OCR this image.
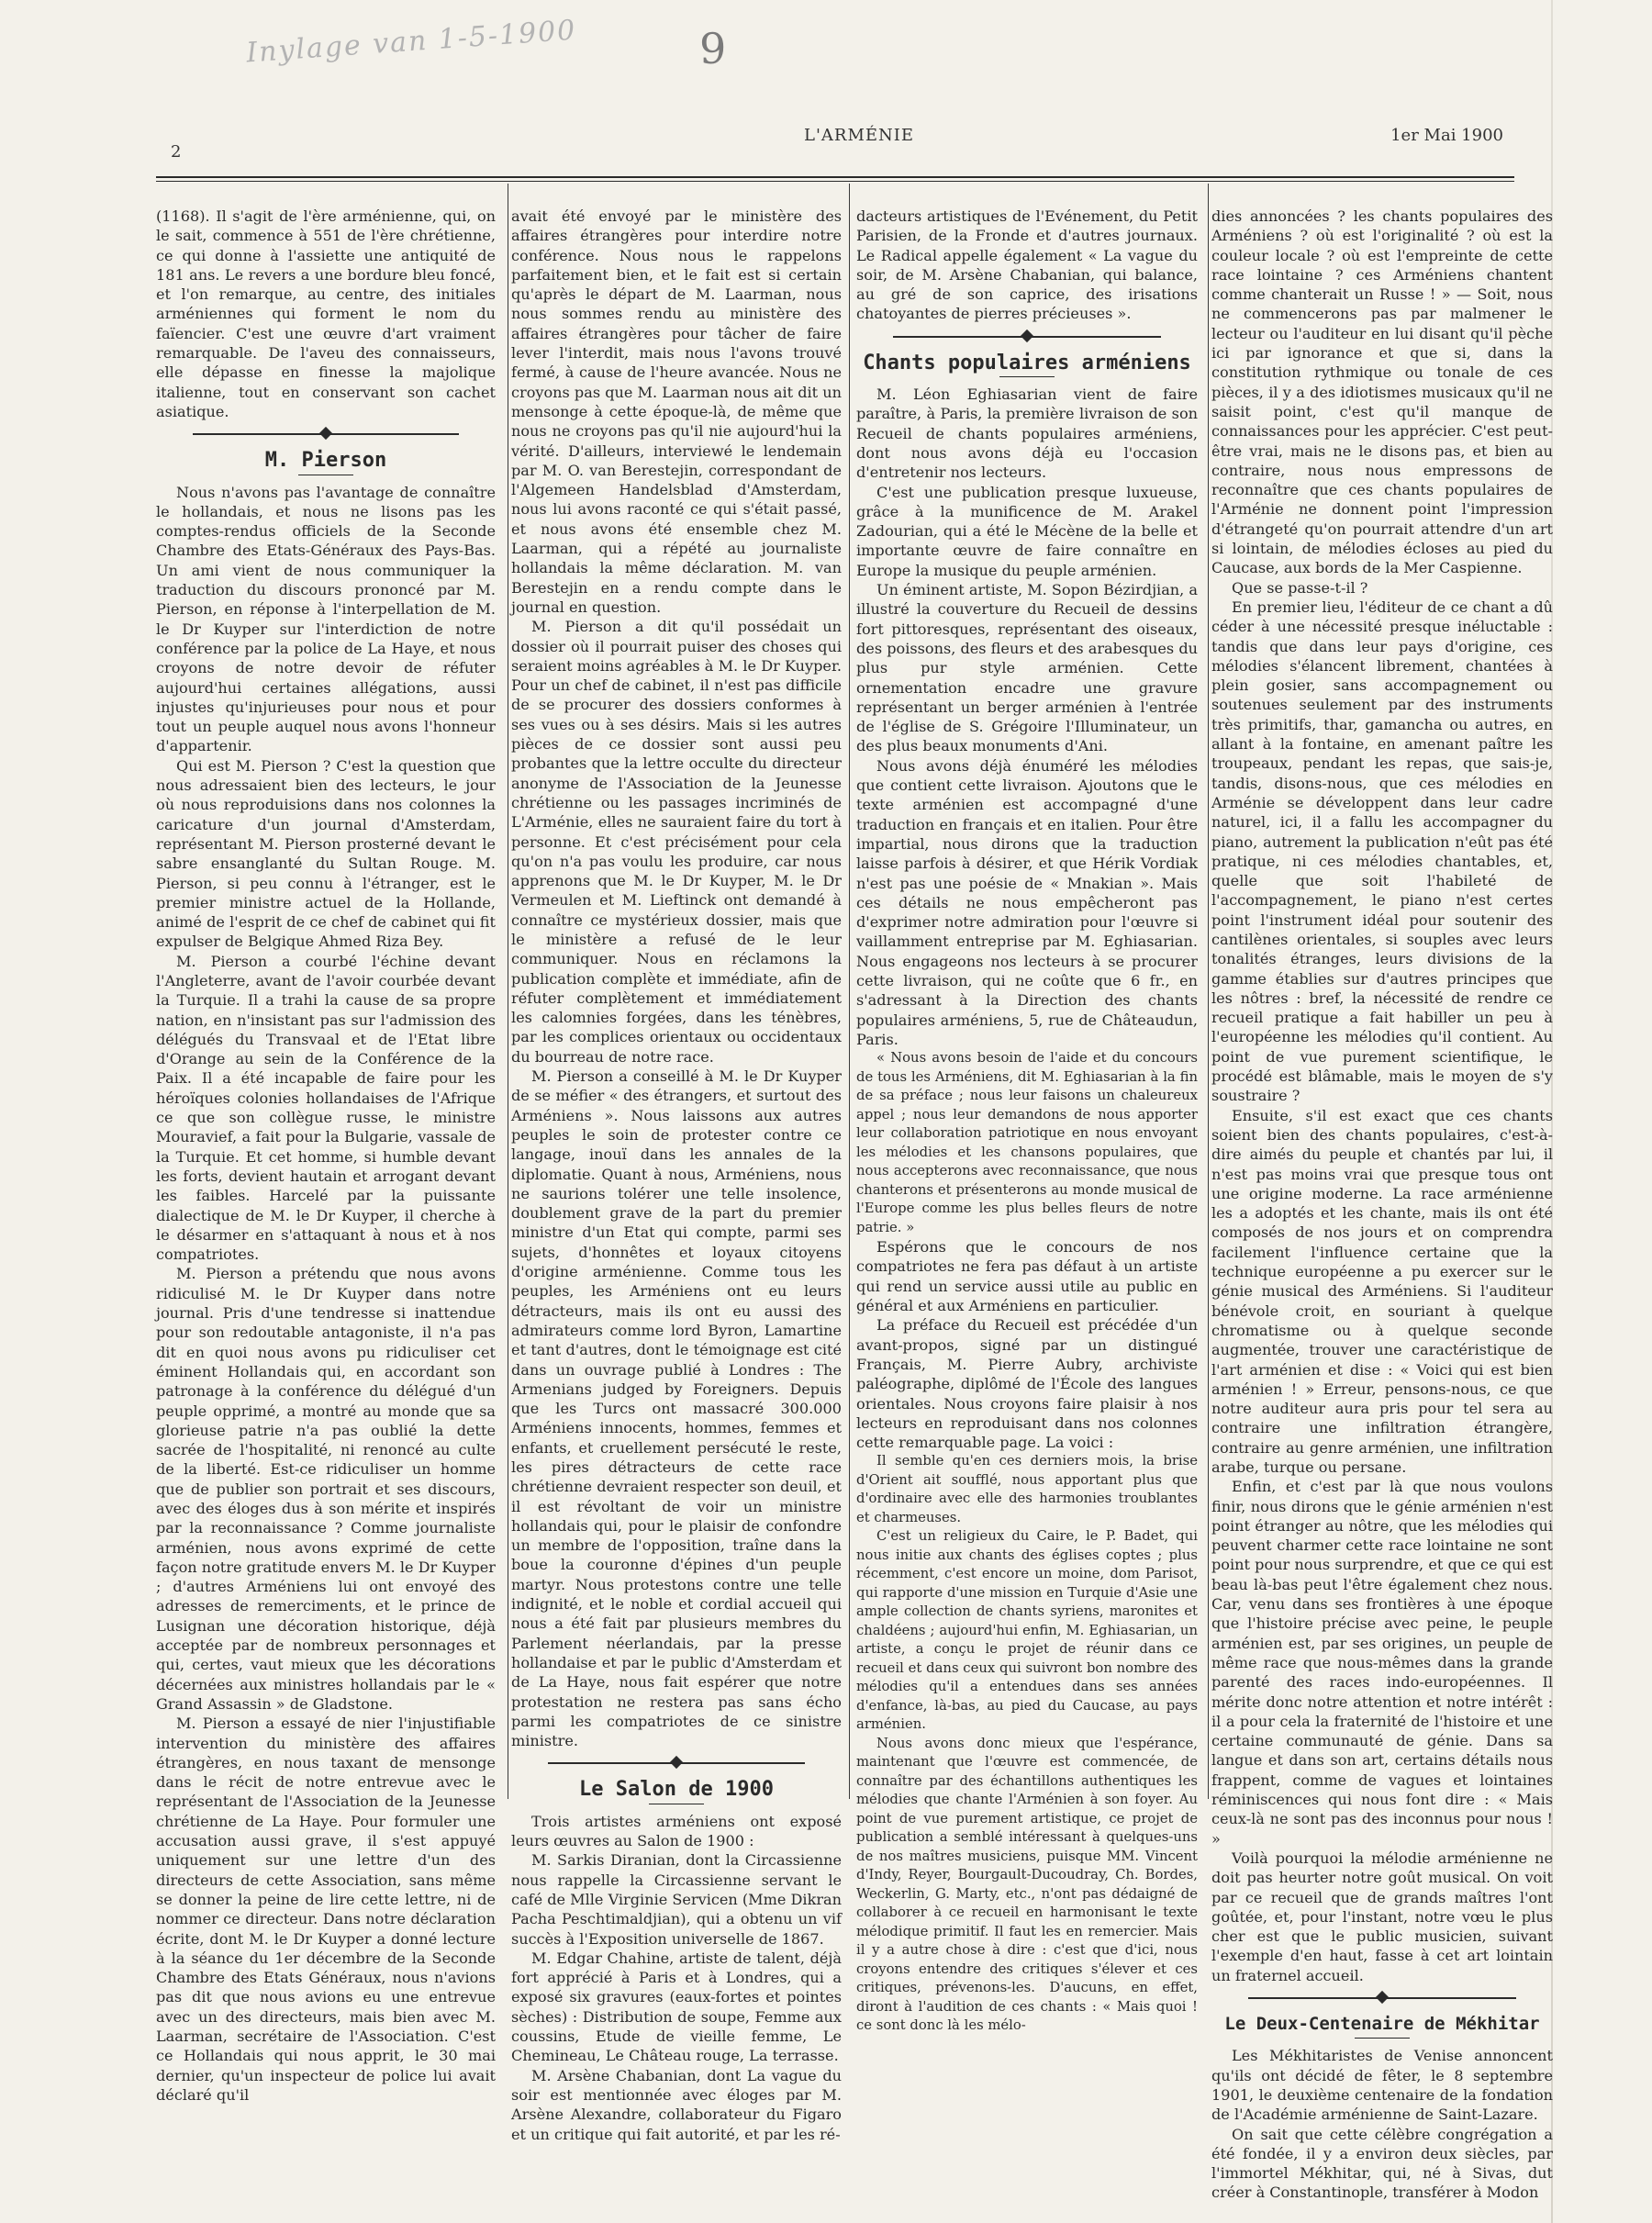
Inylage van 1-5-1900	9
2
L'ARMÉNIE	1er Mai 1900

(1168). Il s'agit de l'ère arménienne, qui, on le sait, commence à 551 de l'ère chrétienne, ce qui donne à l'assiette une antiquité de 181 ans. Le revers a une bordure bleu foncé, et l'on remarque, au centre, des initiales arméniennes qui forment le nom du faïencier. C'est une œuvre d'art vraiment remarquable. De l'aveu des connaisseurs, elle dépasse en finesse la majolique italienne, tout en conservant son cachet asiatique.

M. Pierson

Nous n'avons pas l'avantage de connaître le hollandais, et nous ne lisons pas les comptes-rendus officiels de la Seconde Chambre des Etats-Généraux des Pays-Bas. Un ami vient de nous communiquer la traduction du discours prononcé par M. Pierson, en réponse à l'interpellation de M. le Dr Kuyper sur l'interdiction de notre conférence par la police de La Haye, et nous croyons de notre devoir de réfuter aujourd'hui certaines allégations, aussi injustes qu'injurieuses pour nous et pour tout un peuple auquel nous avons l'honneur d'appartenir.

Qui est M. Pierson ? C'est la question que nous adressaient bien des lecteurs, le jour où nous reproduisions dans nos colonnes la caricature d'un journal d'Amsterdam, représentant M. Pierson prosterné devant le sabre ensanglanté du Sultan Rouge. M. Pierson, si peu connu à l'étranger, est le premier ministre actuel de la Hollande, animé de l'esprit de ce chef de cabinet qui fit expulser de Belgique Ahmed Riza Bey.

M. Pierson a courbé l'échine devant l'Angleterre, avant de l'avoir courbée devant la Turquie. Il a trahi la cause de sa propre nation, en n'insistant pas sur l'admission des délégués du Transvaal et de l'Etat libre d'Orange au sein de la Conférence de la Paix. Il a été incapable de faire pour les héroïques colonies hollandaises de l'Afrique ce que son collègue russe, le ministre Mouravief, a fait pour la Bulgarie, vassale de la Turquie. Et cet homme, si humble devant les forts, devient hautain et arrogant devant les faibles. Harcelé par la puissante dialectique de M. le Dr Kuyper, il cherche à le désarmer en s'attaquant à nous et à nos compatriotes.

M. Pierson a prétendu que nous avons ridiculisé M. le Dr Kuyper dans notre journal. Pris d'une tendresse si inattendue pour son redoutable antagoniste, il n'a pas dit en quoi nous avons pu ridiculiser cet éminent Hollandais qui, en accordant son patronage à la conférence du délégué d'un peuple opprimé, a montré au monde que sa glorieuse patrie n'a pas oublié la dette sacrée de l'hospitalité, ni renoncé au culte de la liberté. Est-ce ridiculiser un homme que de publier son portrait et ses discours, avec des éloges dus à son mérite et inspirés par la reconnaissance ? Comme journaliste arménien, nous avons exprimé de cette façon notre gratitude envers M. le Dr Kuyper ; d'autres Arméniens lui ont envoyé des adresses de remerciments, et le prince de Lusignan une décoration historique, déjà acceptée par de nombreux personnages et qui, certes, vaut mieux que les décorations décernées aux ministres hollandais par le « Grand Assassin » de Gladstone.

M. Pierson a essayé de nier l'injustifiable intervention du ministère des affaires étrangères, en nous taxant de mensonge dans le récit de notre entrevue avec le représentant de l'Association de la Jeunesse chrétienne de La Haye. Pour formuler une accusation aussi grave, il s'est appuyé uniquement sur une lettre d'un des directeurs de cette Association, sans même se donner la peine de lire cette lettre, ni de nommer ce directeur. Dans notre déclaration écrite, dont M. le Dr Kuyper a donné lecture à la séance du 1er décembre de la Seconde Chambre des Etats Généraux, nous n'avions pas dit que nous avions eu une entrevue avec un des directeurs, mais bien avec M. Laarman, secrétaire de l'Association. C'est ce Hollandais qui nous apprit, le 30 mai dernier, qu'un inspecteur de police lui avait déclaré qu'il

avait été envoyé par le ministère des affaires étrangères pour interdire notre conférence. Nous nous le rappelons parfaitement bien, et le fait est si certain qu'après le départ de M. Laarman, nous nous sommes rendu au ministère des affaires étrangères pour tâcher de faire lever l'interdit, mais nous l'avons trouvé fermé, à cause de l'heure avancée. Nous ne croyons pas que M. Laarman nous ait dit un mensonge à cette époque-là, de même que nous ne croyons pas qu'il nie aujourd'hui la vérité. D'ailleurs, interviewé le lendemain par M. O. van Berestejin, correspondant de l'Algemeen Handelsblad d'Amsterdam, nous lui avons raconté ce qui s'était passé, et nous avons été ensemble chez M. Laarman, qui a répété au journaliste hollandais la même déclaration. M. van Berestejin en a rendu compte dans le journal en question.

M. Pierson a dit qu'il possédait un dossier où il pourrait puiser des choses qui seraient moins agréables à M. le Dr Kuyper. Pour un chef de cabinet, il n'est pas difficile de se procurer des dossiers conformes à ses vues ou à ses désirs. Mais si les autres pièces de ce dossier sont aussi peu probantes que la lettre occulte du directeur anonyme de l'Association de la Jeunesse chrétienne ou les passages incriminés de L'Arménie, elles ne sauraient faire du tort à personne. Et c'est précisément pour cela qu'on n'a pas voulu les produire, car nous apprenons que M. le Dr Kuyper, M. le Dr Vermeulen et M. Lieftinck ont demandé à connaître ce mystérieux dossier, mais que le ministère a refusé de le leur communiquer. Nous en réclamons la publication complète et immédiate, afin de réfuter complètement et immédiatement les calomnies forgées, dans les ténèbres, par les complices orientaux ou occidentaux du bourreau de notre race.

M. Pierson a conseillé à M. le Dr Kuyper de se méfier « des étrangers, et surtout des Arméniens ». Nous laissons aux autres peuples le soin de protester contre ce langage, inouï dans les annales de la diplomatie. Quant à nous, Arméniens, nous ne saurions tolérer une telle insolence, doublement grave de la part du premier ministre d'un Etat qui compte, parmi ses sujets, d'honnêtes et loyaux citoyens d'origine arménienne. Comme tous les peuples, les Arméniens ont eu leurs détracteurs, mais ils ont eu aussi des admirateurs comme lord Byron, Lamartine et tant d'autres, dont le témoignage est cité dans un ouvrage publié à Londres : The Armenians judged by Foreigners. Depuis que les Turcs ont massacré 300.000 Arméniens innocents, hommes, femmes et enfants, et cruellement persécuté le reste, les pires détracteurs de cette race chrétienne devraient respecter son deuil, et il est révoltant de voir un ministre hollandais qui, pour le plaisir de confondre un membre de l'opposition, traîne dans la boue la couronne d'épines d'un peuple martyr. Nous protestons contre une telle indignité, et le noble et cordial accueil qui nous a été fait par plusieurs membres du Parlement néerlandais, par la presse hollandaise et par le public d'Amsterdam et de La Haye, nous fait espérer que notre protestation ne restera pas sans écho parmi les compatriotes de ce sinistre ministre.

Le Salon de 1900

Trois artistes arméniens ont exposé leurs œuvres au Salon de 1900 :

M. Sarkis Diranian, dont la Circassienne nous rappelle la Circassienne servant le café de Mlle Virginie Servicen (Mme Dikran Pacha Peschtimaldjian), qui a obtenu un vif succès à l'Exposition universelle de 1867.

M. Edgar Chahine, artiste de talent, déjà fort apprécié à Paris et à Londres, qui a exposé six gravures (eaux-fortes et pointes sèches) : Distribution de soupe, Femme aux coussins, Etude de vieille femme, Le Chemineau, Le Château rouge, La terrasse.

M. Arsène Chabanian, dont La vague du soir est mentionnée avec éloges par M. Arsène Alexandre, collaborateur du Figaro et un critique qui fait autorité, et par les ré-

dacteurs artistiques de l'Evénement, du Petit Parisien, de la Fronde et d'autres journaux. Le Radical appelle également « La vague du soir, de M. Arsène Chabanian, qui balance, au gré de son caprice, des irisations chatoyantes de pierres précieuses ».

Chants populaires arméniens

M. Léon Eghiasarian vient de faire paraître, à Paris, la première livraison de son Recueil de chants populaires arméniens, dont nous avons déjà eu l'occasion d'entretenir nos lecteurs.

C'est une publication presque luxueuse, grâce à la munificence de M. Arakel Zadourian, qui a été le Mécène de la belle et importante œuvre de faire connaître en Europe la musique du peuple arménien.

Un éminent artiste, M. Sopon Bézirdjian, a illustré la couverture du Recueil de dessins fort pittoresques, représentant des oiseaux, des poissons, des fleurs et des arabesques du plus pur style arménien. Cette ornementation encadre une gravure représentant un berger arménien à l'entrée de l'église de S. Grégoire l'Illuminateur, un des plus beaux monuments d'Ani.

Nous avons déjà énuméré les mélodies que contient cette livraison. Ajoutons que le texte arménien est accompagné d'une traduction en français et en italien. Pour être impartial, nous dirons que la traduction laisse parfois à désirer, et que Hérik Vordiak n'est pas une poésie de « Mnakian ». Mais ces détails ne nous empêcheront pas d'exprimer notre admiration pour l'œuvre si vaillamment entreprise par M. Eghiasarian. Nous engageons nos lecteurs à se procurer cette livraison, qui ne coûte que 6 fr., en s'adressant à la Direction des chants populaires arméniens, 5, rue de Châteaudun, Paris.

« Nous avons besoin de l'aide et du concours de tous les Arméniens, dit M. Eghiasarian à la fin de sa préface ; nous leur faisons un chaleureux appel ; nous leur demandons de nous apporter leur collaboration patriotique en nous envoyant les mélodies et les chansons populaires, que nous accepterons avec reconnaissance, que nous chanterons et présenterons au monde musical de l'Europe comme les plus belles fleurs de notre patrie. »

Espérons que le concours de nos compatriotes ne fera pas défaut à un artiste qui rend un service aussi utile au public en général et aux Arméniens en particulier.

La préface du Recueil est précédée d'un avant-propos, signé par un distingué Français, M. Pierre Aubry, archiviste paléographe, diplômé de l'École des langues orientales. Nous croyons faire plaisir à nos lecteurs en reproduisant dans nos colonnes cette remarquable page. La voici :

Il semble qu'en ces derniers mois, la brise d'Orient ait soufflé, nous apportant plus que d'ordinaire avec elle des harmonies troublantes et charmeuses.

C'est un religieux du Caire, le P. Badet, qui nous initie aux chants des églises coptes ; plus récemment, c'est encore un moine, dom Parisot, qui rapporte d'une mission en Turquie d'Asie une ample collection de chants syriens, maronites et chaldéens ; aujourd'hui enfin, M. Eghiasarian, un artiste, a conçu le projet de réunir dans ce recueil et dans ceux qui suivront bon nombre des mélodies qu'il a entendues dans ses années d'enfance, là-bas, au pied du Caucase, au pays arménien.

Nous avons donc mieux que l'espérance, maintenant que l'œuvre est commencée, de connaître par des échantillons authentiques les mélodies que chante l'Arménien à son foyer. Au point de vue purement artistique, ce projet de publication a semblé intéressant à quelques-uns de nos maîtres musiciens, puisque MM. Vincent d'Indy, Reyer, Bourgault-Ducoudray, Ch. Bordes, Weckerlin, G. Marty, etc., n'ont pas dédaigné de collaborer à ce recueil en harmonisant le texte mélodique primitif. Il faut les en remercier. Mais il y a autre chose à dire : c'est que d'ici, nous croyons entendre des critiques s'élever et ces critiques, prévenons-les. D'aucuns, en effet, diront à l'audition de ces chants : « Mais quoi ! ce sont donc là les mélo-

dies annoncées ? les chants populaires des Arméniens ? où est l'originalité ? où est la couleur locale ? où est l'empreinte de cette race lointaine ? ces Arméniens chantent comme chanterait un Russe ! » — Soit, nous ne commencerons pas par malmener le lecteur ou l'auditeur en lui disant qu'il pèche ici par ignorance et que si, dans la constitution rythmique ou tonale de ces pièces, il y a des idiotismes musicaux qu'il ne saisit point, c'est qu'il manque de connaissances pour les apprécier. C'est peut-être vrai, mais ne le disons pas, et bien au contraire, nous nous empressons de reconnaître que ces chants populaires de l'Arménie ne donnent point l'impression d'étrangeté qu'on pourrait attendre d'un art si lointain, de mélodies écloses au pied du Caucase, aux bords de la Mer Caspienne.

Que se passe-t-il ?

En premier lieu, l'éditeur de ce chant a dû céder à une nécessité presque inéluctable : tandis que dans leur pays d'origine, ces mélodies s'élancent librement, chantées à plein gosier, sans accompagnement ou soutenues seulement par des instruments très primitifs, thar, gamancha ou autres, en allant à la fontaine, en amenant paître les troupeaux, pendant les repas, que sais-je, tandis, disons-nous, que ces mélodies en Arménie se développent dans leur cadre naturel, ici, il a fallu les accompagner du piano, autrement la publication n'eût pas été pratique, ni ces mélodies chantables, et, quelle que soit l'habileté de l'accompagnement, le piano n'est certes point l'instrument idéal pour soutenir des cantilènes orientales, si souples avec leurs tonalités étranges, leurs divisions de la gamme établies sur d'autres principes que les nôtres : bref, la nécessité de rendre ce recueil pratique a fait habiller un peu à l'européenne les mélodies qu'il contient. Au point de vue purement scientifique, le procédé est blâmable, mais le moyen de s'y soustraire ?

Ensuite, s'il est exact que ces chants soient bien des chants populaires, c'est-à-dire aimés du peuple et chantés par lui, il n'est pas moins vrai que presque tous ont une origine moderne. La race arménienne les a adoptés et les chante, mais ils ont été composés de nos jours et on comprendra facilement l'influence certaine que la technique européenne a pu exercer sur le génie musical des Arméniens. Si l'auditeur bénévole croit, en souriant à quelque chromatisme ou à quelque seconde augmentée, trouver une caractéristique de l'art arménien et dise : « Voici qui est bien arménien ! » Erreur, pensons-nous, ce que notre auditeur aura pris pour tel sera au contraire une infiltration étrangère, contraire au genre arménien, une infiltration arabe, turque ou persane.

Enfin, et c'est par là que nous voulons finir, nous dirons que le génie arménien n'est point étranger au nôtre, que les mélodies qui peuvent charmer cette race lointaine ne sont point pour nous surprendre, et que ce qui est beau là-bas peut l'être également chez nous. Car, venu dans ses frontières à une époque que l'histoire précise avec peine, le peuple arménien est, par ses origines, un peuple de même race que nous-mêmes dans la grande parenté des races indo-européennes. Il mérite donc notre attention et notre intérêt : il a pour cela la fraternité de l'histoire et une certaine communauté de génie. Dans sa langue et dans son art, certains détails nous frappent, comme de vagues et lointaines réminiscences qui nous font dire : « Mais ceux-là ne sont pas des inconnus pour nous ! »

Voilà pourquoi la mélodie arménienne ne doit pas heurter notre goût musical. On voit par ce recueil que de grands maîtres l'ont goûtée, et, pour l'instant, notre vœu le plus cher est que le public musicien, suivant l'exemple d'en haut, fasse à cet art lointain un fraternel accueil.

Le Deux-Centenaire de Mékhitar

Les Mékhitaristes de Venise annoncent qu'ils ont décidé de fêter, le 8 septembre 1901, le deuxième centenaire de la fondation de l'Académie arménienne de Saint-Lazare.

On sait que cette célèbre congrégation a été fondée, il y a environ deux siècles, par l'immortel Mékhitar, qui, né à Sivas, dut créer à Constantinople, transférer à Modon
